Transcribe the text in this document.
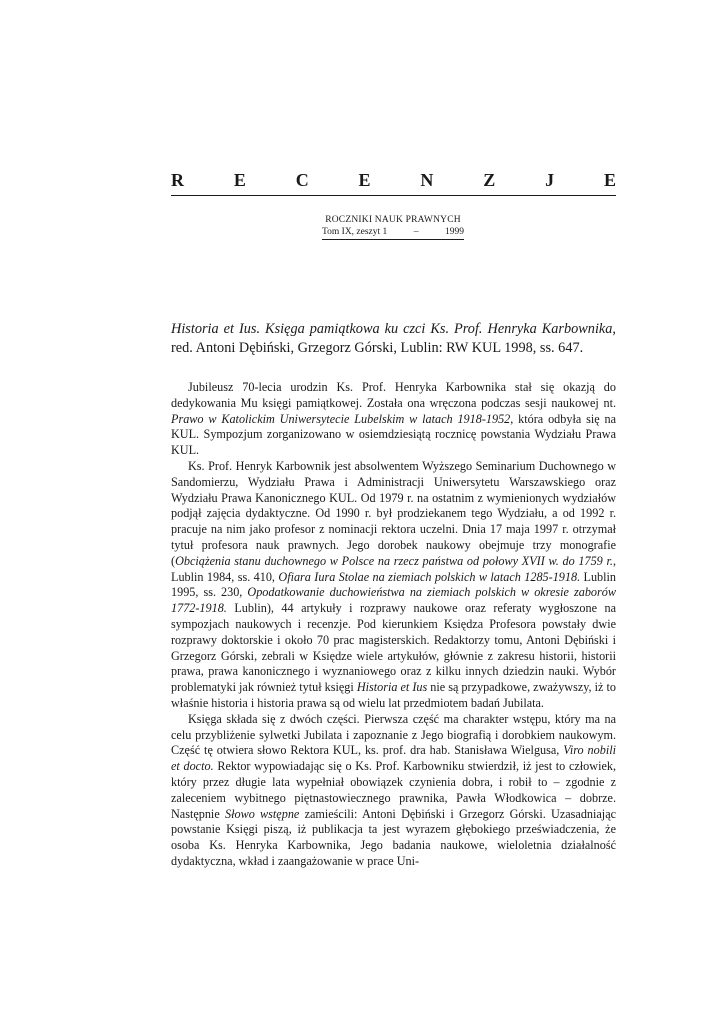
R	E	C	E	N	Z	J	E
ROCZNIKI NAUK PRAWNYCH
Tom IX, zeszyt 1	–	1999
Historia et Ius. Księga pamiątkowa ku czci Ks. Prof. Henryka Karbownika, red. Antoni Dębiński, Grzegorz Górski, Lublin: RW KUL 1998, ss. 647.

Jubileusz 70-lecia urodzin Ks. Prof. Henryka Karbownika stał się okazją do dedykowania Mu księgi pamiątkowej. Została ona wręczona podczas sesji naukowej nt. Prawo w Katolickim Uniwersytecie Lubelskim w latach 1918-1952, która odbyła się na KUL. Sympozjum zorganizowano w osiemdziesiątą rocznicę powstania Wydziału Prawa KUL.

Ks. Prof. Henryk Karbownik jest absolwentem Wyższego Seminarium Duchownego w Sandomierzu, Wydziału Prawa i Administracji Uniwersytetu Warszawskiego oraz Wydziału Prawa Kanonicznego KUL. Od 1979 r. na ostatnim z wymienionych wydziałów podjął zajęcia dydaktyczne. Od 1990 r. był prodziekanem tego Wydziału, a od 1992 r. pracuje na nim jako profesor z nominacji rektora uczelni. Dnia 17 maja 1997 r. otrzymał tytuł profesora nauk prawnych. Jego dorobek naukowy obejmuje trzy monografie (Obciążenia stanu duchownego w Polsce na rzecz państwa od połowy XVII w. do 1759 r., Lublin 1984, ss. 410, Ofiara Iura Stolae na ziemiach polskich w latach 1285-1918. Lublin 1995, ss. 230, Opodatkowanie duchowieństwa na ziemiach polskich w okresie zaborów 1772-1918. Lublin), 44 artykuły i rozprawy naukowe oraz referaty wygłoszone na sympozjach naukowych i recenzje. Pod kierunkiem Księdza Profesora powstały dwie rozprawy doktorskie i około 70 prac magisterskich. Redaktorzy tomu, Antoni Dębiński i Grzegorz Górski, zebrali w Księdze wiele artykułów, głównie z zakresu historii, historii prawa, prawa kanonicznego i wyznaniowego oraz z kilku innych dziedzin nauki. Wybór problematyki jak również tytuł księgi Historia et Ius nie są przypadkowe, zważywszy, iż to właśnie historia i historia prawa są od wielu lat przedmiotem badań Jubilata.

Księga składa się z dwóch części. Pierwsza część ma charakter wstępu, który ma na celu przybliżenie sylwetki Jubilata i zapoznanie z Jego biografią i dorobkiem naukowym. Część tę otwiera słowo Rektora KUL, ks. prof. dra hab. Stanisława Wielgusa, Viro nobili et docto. Rektor wypowiadając się o Ks. Prof. Karbowniku stwierdził, iż jest to człowiek, który przez długie lata wypełniał obowiązek czynienia dobra, i robił to – zgodnie z zaleceniem wybitnego piętnastowiecznego prawnika, Pawła Włodkowica – dobrze. Następnie Słowo wstępne zamieścili: Antoni Dębiński i Grzegorz Górski. Uzasadniając powstanie Księgi piszą, iż publikacja ta jest wyrazem głębokiego przeświadczenia, że osoba Ks. Henryka Karbownika, Jego badania naukowe, wieloletnia działalność dydaktyczna, wkład i zaangażowanie w prace Uni-
